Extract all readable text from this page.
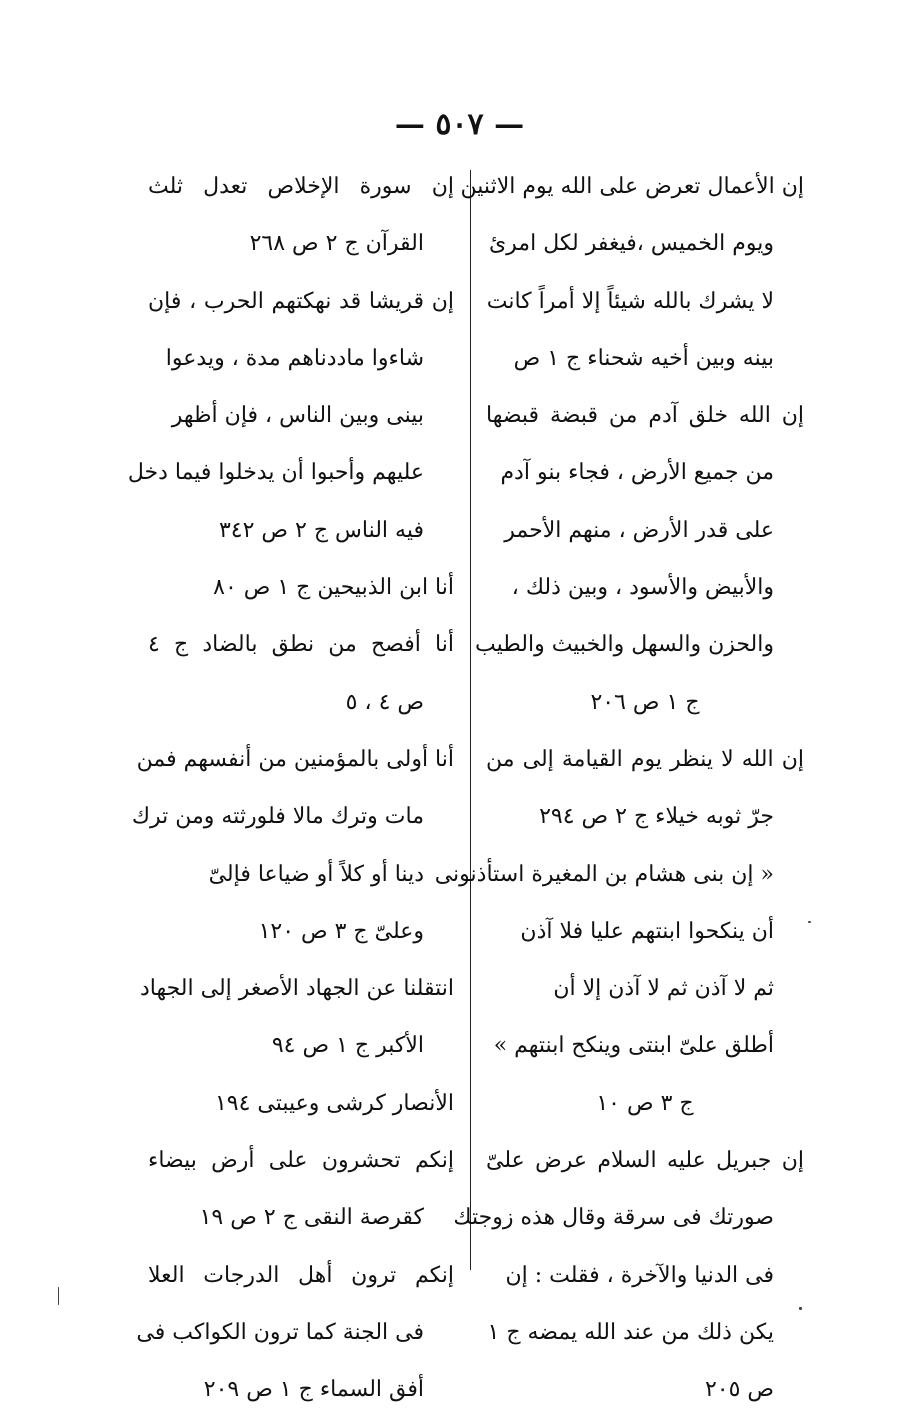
— ٥٠٧ —
إن الأعمال تعرض على الله يوم الاثنين
ويوم الخميس ،فيغفر لكل امرئ
لا يشرك بالله شيئاً إلا أمراً كانت
بينه وبين أخيه شحناء ج ١ ص
إن الله خلق آدم من قبضة قبضها
من جميع الأرض ، فجاء بنو آدم
على قدر الأرض ، منهم الأحمر
والأبيض والأسود ، وبين ذلك ،
والحزن والسهل والخبيث والطيب
ج ١ ص ٢٠٦
إن الله لا ينظر يوم القيامة إلى من
جرّ ثوبه خيلاء ج ٢ ص ٢٩٤
« إن بنى هشام بن المغيرة استأذنونى
أن ينكحوا ابنتهم عليا فلا آذن
ثم لا آذن ثم لا آذن إلا أن
أطلق علىّ ابنتى وينكح ابنتهم »
ج ٣ ص ١٠
إن جبريل عليه السلام عرض علىّ
صورتك فى سرقة وقال هذه زوجتك
فى الدنيا والآخرة ، فقلت : إن
يكن ذلك من عند الله يمضه ج ١
ص ٢٠٥
إن سورة الإخلاص تعدل ثلث
القرآن ج ٢ ص ٢٦٨
إن قريشا قد نهكتهم الحرب ، فإن
شاءوا ماددناهم مدة ، ويدعوا
بينى وبين الناس ، فإن أظهر
عليهم وأحبوا أن يدخلوا فيما دخل
فيه الناس ج ٢ ص ٣٤٢
أنا ابن الذبيحين ج ١ ص ٨٠
أنا أفصح من نطق بالضاد ج ٤
ص ٤ ، ٥
أنا أولى بالمؤمنين من أنفسهم فمن
مات وترك مالا فلورثته ومن ترك
دينا أو كلاً أو ضياعا فإلىّ
وعلىّ ج ٣ ص ١٢٠
انتقلنا عن الجهاد الأصغر إلى الجهاد
الأكبر ج ١ ص ٩٤
الأنصار كرشى وعيبتى ١٩٤
إنكم تحشرون على أرض بيضاء
كقرصة النقى ج ٢ ص ١٩
إنكم ترون أهل الدرجات العلا
فى الجنة كما ترون الكواكب فى
أفق السماء ج ١ ص ٢٠٩
